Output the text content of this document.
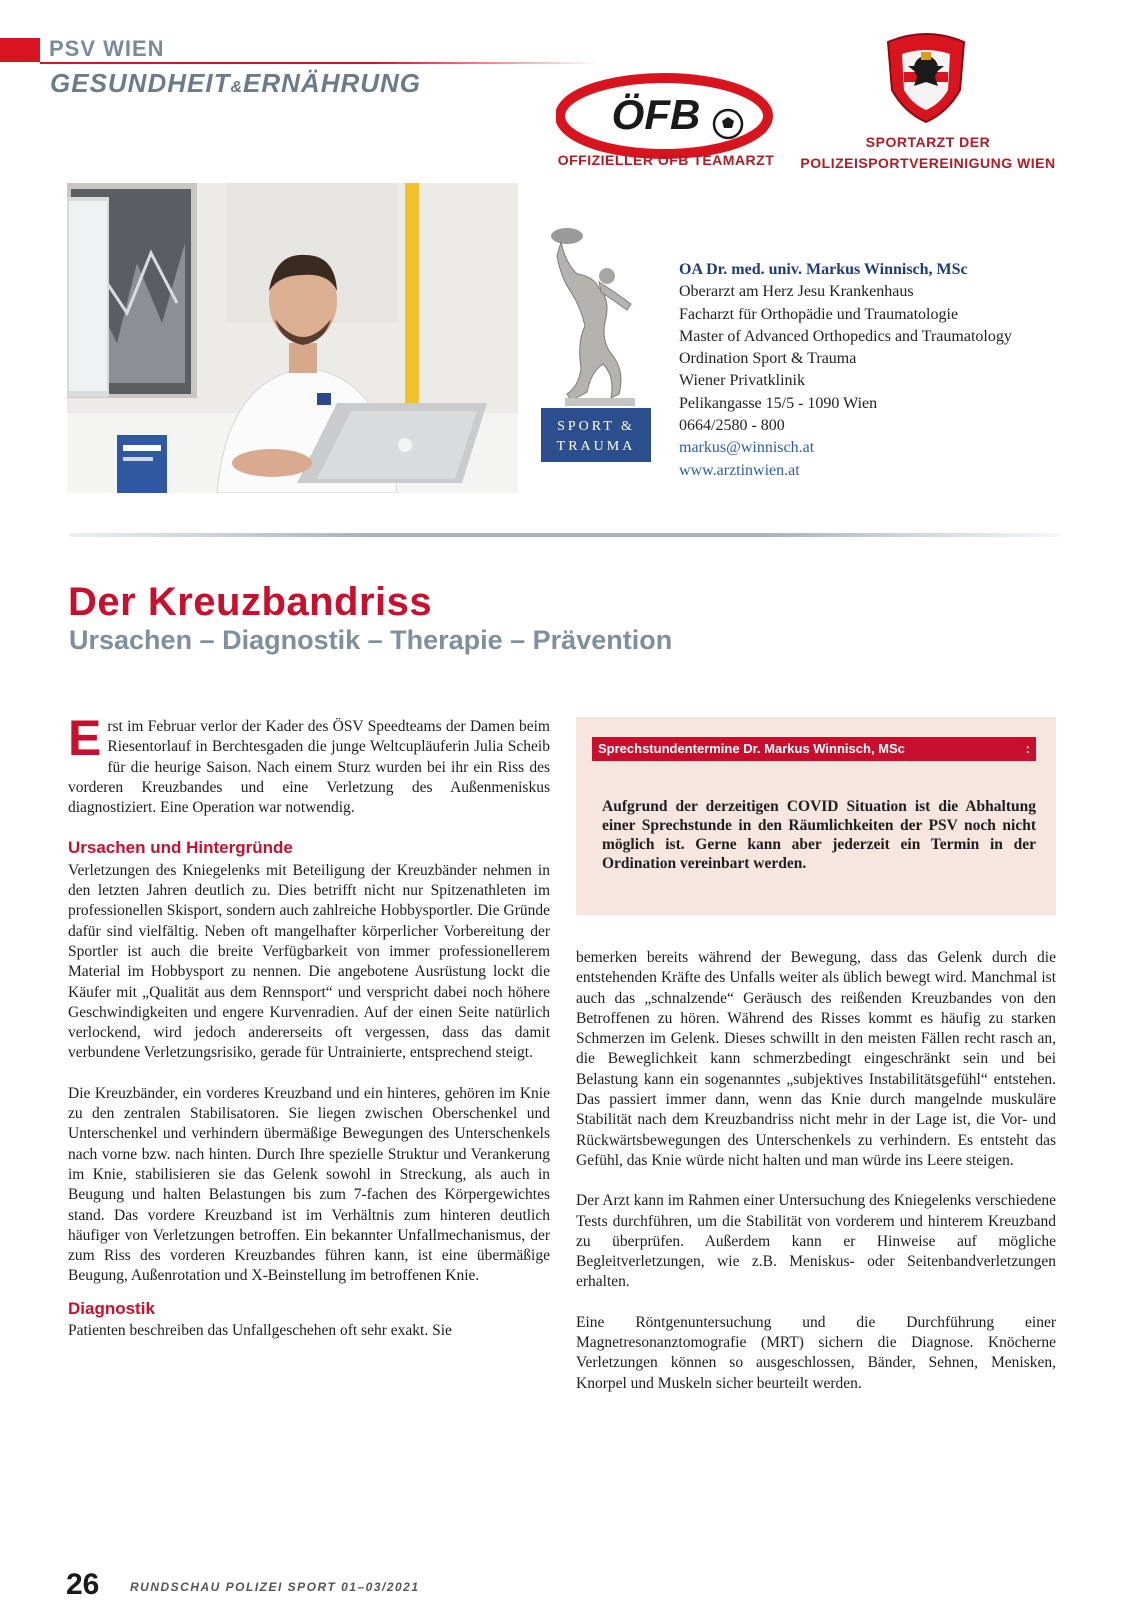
PSV WIEN
GESUNDHEIT&ERNÄHRUNG
ÖFB
OFFIZIELLER ÖFB TEAMARZT
SPORTARZT DER
POLIZEISPORTVEREINIGUNG WIEN
SPORT &
TRAUMA
OA Dr. med. univ. Markus Winnisch, MSc
Oberarzt am Herz Jesu Krankenhaus
Facharzt für Orthopädie und Traumatologie
Master of Advanced Orthopedics and Traumatology
Ordination Sport & Trauma
Wiener Privatklinik
Pelikangasse 15/5 - 1090 Wien
0664/2580 - 800
markus@winnisch.at
www.arztinwien.at
Der Kreuzbandriss
Ursachen – Diagnostik – Therapie – Prävention

Erst im Februar verlor der Kader des ÖSV Speedteams der Damen beim Riesentorlauf in Berchtesgaden die junge Weltcupläuferin Julia Scheib für die heurige Saison. Nach einem Sturz wurden bei ihr ein Riss des vorderen Kreuzbandes und eine Verletzung des Außenmeniskus diagnostiziert. Eine Operation war notwendig.

Ursachen und Hintergründe

Verletzungen des Kniegelenks mit Beteiligung der Kreuzbänder nehmen in den letzten Jahren deutlich zu. Dies betrifft nicht nur Spitzenathleten im professionellen Skisport, sondern auch zahlreiche Hobbysportler. Die Gründe dafür sind vielfältig. Neben oft mangelhafter körperlicher Vorbereitung der Sportler ist auch die breite Verfügbarkeit von immer professionellerem Material im Hobbysport zu nennen. Die angebotene Ausrüstung lockt die Käufer mit „Qualität aus dem Rennsport“ und verspricht dabei noch höhere Geschwindigkeiten und engere Kurvenradien. Auf der einen Seite natürlich verlockend, wird jedoch andererseits oft vergessen, dass das damit verbundene Verletzungsrisiko, gerade für Untrainierte, entsprechend steigt.

Die Kreuzbänder, ein vorderes Kreuzband und ein hinteres, gehören im Knie zu den zentralen Stabilisatoren. Sie liegen zwischen Oberschenkel und Unterschenkel und verhindern übermäßige Bewegungen des Unterschenkels nach vorne bzw. nach hinten. Durch Ihre spezielle Struktur und Verankerung im Knie, stabilisieren sie das Gelenk sowohl in Streckung, als auch in Beugung und halten Belastungen bis zum 7-fachen des Körpergewichtes stand. Das vordere Kreuzband ist im Verhältnis zum hinteren deutlich häufiger von Verletzungen betroffen. Ein bekannter Unfallmechanismus, der zum Riss des vorderen Kreuzbandes führen kann, ist eine übermäßige Beugung, Außenrotation und X-Beinstellung im betroffenen Knie.

Diagnostik

Patienten beschreiben das Unfallgeschehen oft sehr exakt. Sie

Sprechstundentermine Dr. Markus Winnisch, MSc	:
Aufgrund der derzeitigen COVID Situation ist die Abhaltung einer Sprechstunde in den Räumlichkeiten der PSV noch nicht möglich ist. Gerne kann aber jederzeit ein Termin in der Ordination vereinbart werden.

bemerken bereits während der Bewegung, dass das Gelenk durch die entstehenden Kräfte des Unfalls weiter als üblich bewegt wird. Manchmal ist auch das „schnalzende“ Geräusch des reißenden Kreuzbandes von den Betroffenen zu hören. Während des Risses kommt es häufig zu starken Schmerzen im Gelenk. Dieses schwillt in den meisten Fällen recht rasch an, die Beweglichkeit kann schmerzbedingt eingeschränkt sein und bei Belastung kann ein sogenanntes „subjektives Instabilitätsgefühl“ entstehen. Das passiert immer dann, wenn das Knie durch mangelnde muskuläre Stabilität nach dem Kreuzbandriss nicht mehr in der Lage ist, die Vor- und Rückwärtsbewegungen des Unterschenkels zu verhindern. Es entsteht das Gefühl, das Knie würde nicht halten und man würde ins Leere steigen.

Der Arzt kann im Rahmen einer Untersuchung des Kniegelenks verschiedene Tests durchführen, um die Stabilität von vorderem und hinterem Kreuzband zu überprüfen. Außerdem kann er Hinweise auf mögliche Begleitverletzungen, wie z.B. Meniskus- oder Seitenbandverletzungen erhalten.

Eine Röntgenuntersuchung und die Durchführung einer Magnetresonanztomografie (MRT) sichern die Diagnose. Knöcherne Verletzungen können so ausgeschlossen, Bänder, Sehnen, Menisken, Knorpel und Muskeln sicher beurteilt werden.

26	RUNDSCHAU POLIZEI SPORT 01–03/2021
